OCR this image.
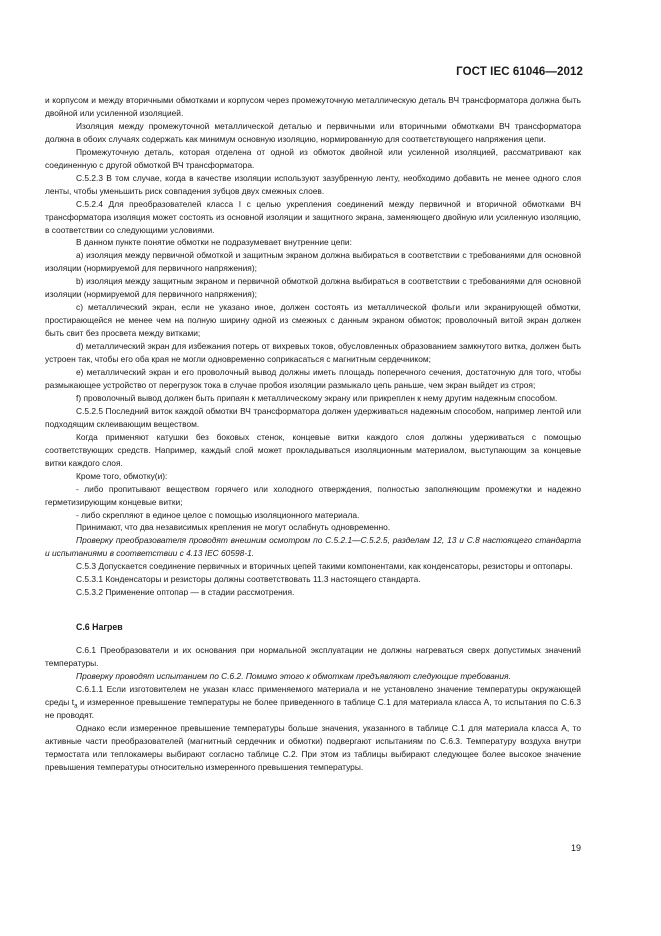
ГОСТ IEC 61046—2012

и корпусом и между вторичными обмотками и корпусом через промежуточную металлическую деталь ВЧ трансформатора должна быть двойной или усиленной изоляцией.

Изоляция между промежуточной металлической деталью и первичными или вторичными обмотками ВЧ трансформатора должна в обоих случаях содержать как минимум основную изоляцию, нормированную для соответствующего напряжения цепи.

Промежуточную деталь, которая отделена от одной из обмоток двойной или усиленной изоляцией, рассматривают как соединенную с другой обмоткой ВЧ трансформатора.

С.5.2.3 В том случае, когда в качестве изоляции используют зазубренную ленту, необходимо добавить не менее одного слоя ленты, чтобы уменьшить риск совпадения зубцов двух смежных слоев.

С.5.2.4 Для преобразователей класса I с целью укрепления соединений между первичной и вторичной обмотками ВЧ трансформатора изоляция может состоять из основной изоляции и защитного экрана, заменяющего двойную или усиленную изоляцию, в соответствии со следующими условиями.

В данном пункте понятие обмотки не подразумевает внутренние цепи:

a) изоляция между первичной обмоткой и защитным экраном должна выбираться в соответствии с требованиями для основной изоляции (нормируемой для первичного напряжения);

b) изоляция между защитным экраном и первичной обмоткой должна выбираться в соответствии с требованиями для основной изоляции (нормируемой для первичного напряжения);

c) металлический экран, если не указано иное, должен состоять из металлической фольги или экранирующей обмотки, простирающейся не менее чем на полную ширину одной из смежных с данным экраном обмоток; проволочный витой экран должен быть свит без просвета между витками;

d) металлический экран для избежания потерь от вихревых токов, обусловленных образованием замкнутого витка, должен быть устроен так, чтобы его оба края не могли одновременно соприкасаться с магнитным сердечником;

e) металлический экран и его проволочный вывод должны иметь площадь поперечного сечения, достаточную для того, чтобы размыкающее устройство от перегрузок тока в случае пробоя изоляции размыкало цепь раньше, чем экран выйдет из строя;

f) проволочный вывод должен быть припаян к металлическому экрану или прикреплен к нему другим надежным способом.

С.5.2.5 Последний виток каждой обмотки ВЧ трансформатора должен удерживаться надежным способом, например лентой или подходящим склеивающим веществом.

Когда применяют катушки без боковых стенок, концевые витки каждого слоя должны удерживаться с помощью соответствующих средств. Например, каждый слой может прокладываться изоляционным материалом, выступающим за концевые витки каждого слоя.

Кроме того, обмотку(и):

- либо пропитывают веществом горячего или холодного отверждения, полностью заполняющим промежутки и надежно герметизирующим концевые витки;

- либо скрепляют в единое целое с помощью изоляционного материала.

Принимают, что два независимых крепления не могут ослабнуть одновременно.

Проверку преобразователя проводят внешним осмотром по С.5.2.1—С.5.2.5, разделам 12, 13 и С.8 настоящего стандарта и испытаниями в соответствии с 4.13 IEC 60598-1.

С.5.3 Допускается соединение первичных и вторичных цепей такими компонентами, как конденсаторы, резисторы и оптопары.

С.5.3.1 Конденсаторы и резисторы должны соответствовать 11.3 настоящего стандарта.

С.5.3.2 Применение оптопар — в стадии рассмотрения.

С.6 Нагрев

С.6.1 Преобразователи и их основания при нормальной эксплуатации не должны нагреваться сверх допустимых значений температуры.

Проверку проводят испытанием по С.6.2. Помимо этого к обмоткам предъявляют следующие требования.

С.6.1.1 Если изготовителем не указан класс применяемого материала и не установлено значение температуры окружающей среды $t_a$ и измеренное превышение температуры не более приведенного в таблице С.1 для материала класса А, то испытания по С.6.3 не проводят.

Однако если измеренное превышение температуры больше значения, указанного в таблице С.1 для материала класса А, то активные части преобразователей (магнитный сердечник и обмотки) подвергают испытаниям по С.6.3. Температуру воздуха внутри термостата или теплокамеры выбирают согласно таблице С.2. При этом из таблицы выбирают следующее более высокое значение превышения температуры относительно измеренного превышения температуры.

19
